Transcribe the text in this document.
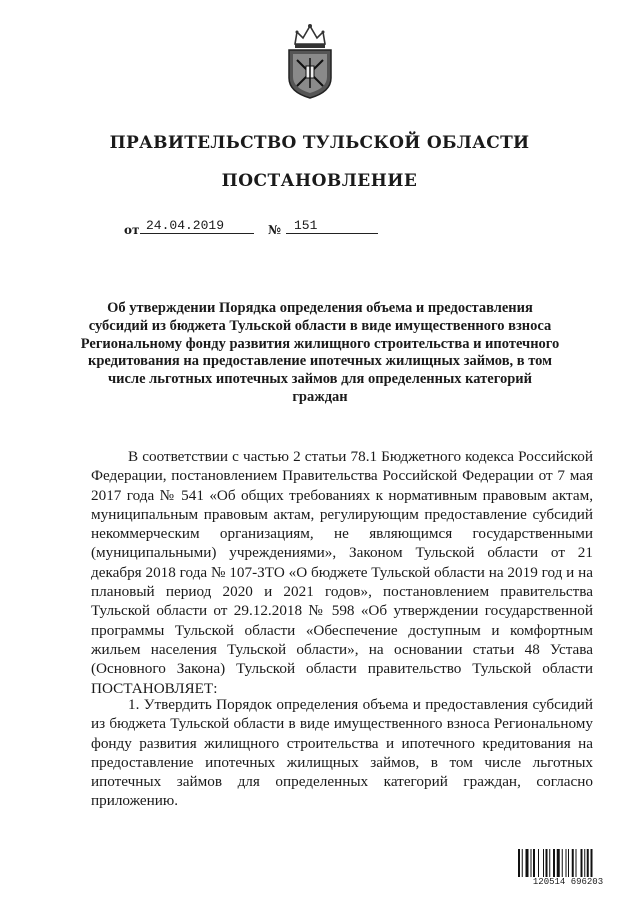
ПРАВИТЕЛЬСТВО ТУЛЬСКОЙ ОБЛАСТИ
ПОСТАНОВЛЕНИЕ
от 24.04.2019	№ 151
Об утверждении Порядка определения объема и предоставления субсидий из бюджета Тульской области в виде имущественного взноса Региональному фонду развития жилищного строительства и ипотечного кредитования на предоставление ипотечных жилищных займов, в том числе льготных ипотечных займов для определенных категорий граждан
В соответствии с частью 2 статьи 78.1 Бюджетного кодекса Российской Федерации, постановлением Правительства Российской Федерации от 7 мая 2017 года № 541 «Об общих требованиях к нормативным правовым актам, муниципальным правовым актам, регулирующим предоставление субсидий некоммерческим организациям, не являющимся государственными (муниципальными) учреждениями», Законом Тульской области от 21 декабря 2018 года № 107-ЗТО «О бюджете Тульской области на 2019 год и на плановый период 2020 и 2021 годов», постановлением правительства Тульской области от 29.12.2018 № 598 «Об утверждении государственной программы Тульской области «Обеспечение доступным и комфортным жильем населения Тульской области», на основании статьи 48 Устава (Основного Закона) Тульской области правительство Тульской области ПОСТАНОВЛЯЕТ:
1. Утвердить Порядок определения объема и предоставления субсидий из бюджета Тульской области в виде имущественного взноса Региональному фонду развития жилищного строительства и ипотечного кредитования на предоставление ипотечных жилищных займов, в том числе льготных ипотечных займов для определенных категорий граждан, согласно приложению.
120514 696203
